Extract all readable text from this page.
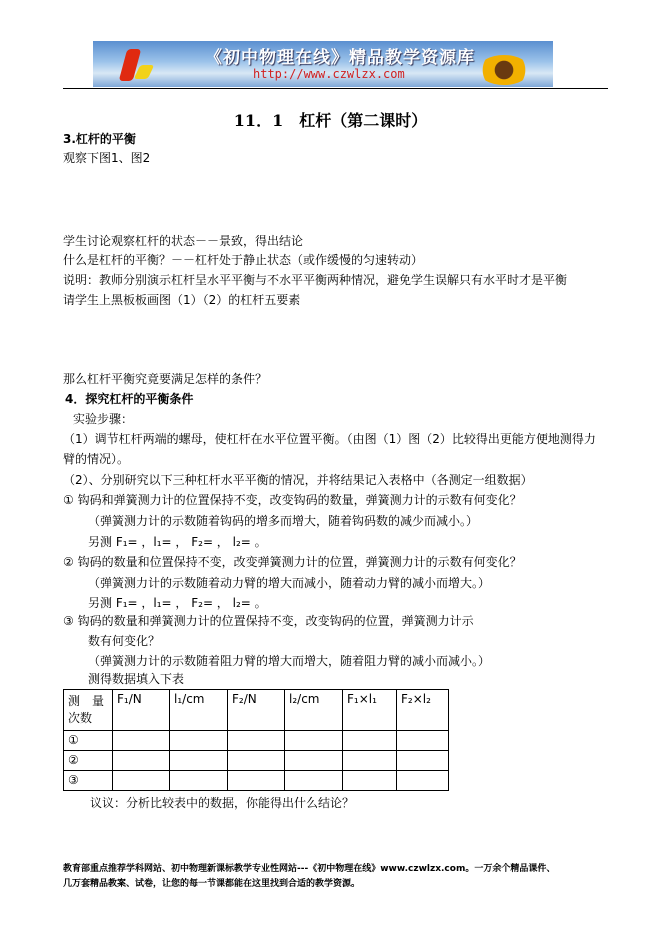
《初中物理在线》精品教学资源库
http://www.czwlzx.com
11．1　杠杆（第二课时）
3.杠杆的平衡
观察下图1、图2
学生讨论观察杠杆的状态－－景致，得出结论
什么是杠杆的平衡？－－杠杆处于静止状态（或作缓慢的匀速转动）
说明：教师分别演示杠杆呈水平平衡与不水平平衡两种情况，避免学生误解只有水平时才是平衡
请学生上黑板板画图（1）（2）的杠杆五要素
那么杠杆平衡究竟要满足怎样的条件？
4．探究杠杆的平衡条件
实验步骤：
（1）调节杠杆两端的螺母，使杠杆在水平位置平衡。（由图（1）图（2）比较得出更能方便地测得力
臂的情况）。
（2）、分别研究以下三种杠杆水平平衡的情况，并将结果记入表格中（各测定一组数据）
① 钩码和弹簧测力计的位置保持不变，改变钩码的数量，弹簧测力计的示数有何变化？
（弹簧测力计的示数随着钩码的增多而增大，随着钩码数的减少而减小。）
另测 F₁= ，l₁= ， F₂= ， l₂= 。
② 钩码的数量和位置保持不变，改变弹簧测力计的位置，弹簧测力计的示数有何变化？
（弹簧测力计的示数随着动力臂的增大而减小，随着动力臂的减小而增大。）
另测 F₁= ，l₁= ， F₂= ， l₂= 。
③ 钩码的数量和弹簧测力计的位置保持不变，改变钩码的位置，弹簧测力计示
数有何变化？
（弹簧测力计的示数随着阻力臂的增大而增大，随着阻力臂的减小而减小。）
测得数据填入下表
测　量次数	F₁/N	l₁/cm	F₂/N	l₂/cm	F₁×l₁	F₂×l₂
①						
②						
③						
议议：分析比较表中的数据，你能得出什么结论？
教育部重点推荐学科网站、初中物理新课标教学专业性网站---《初中物理在线》www.czwlzx.com。一万余个精品课件、
几万套精品教案、试卷，让您的每一节课都能在这里找到合适的教学资源。
